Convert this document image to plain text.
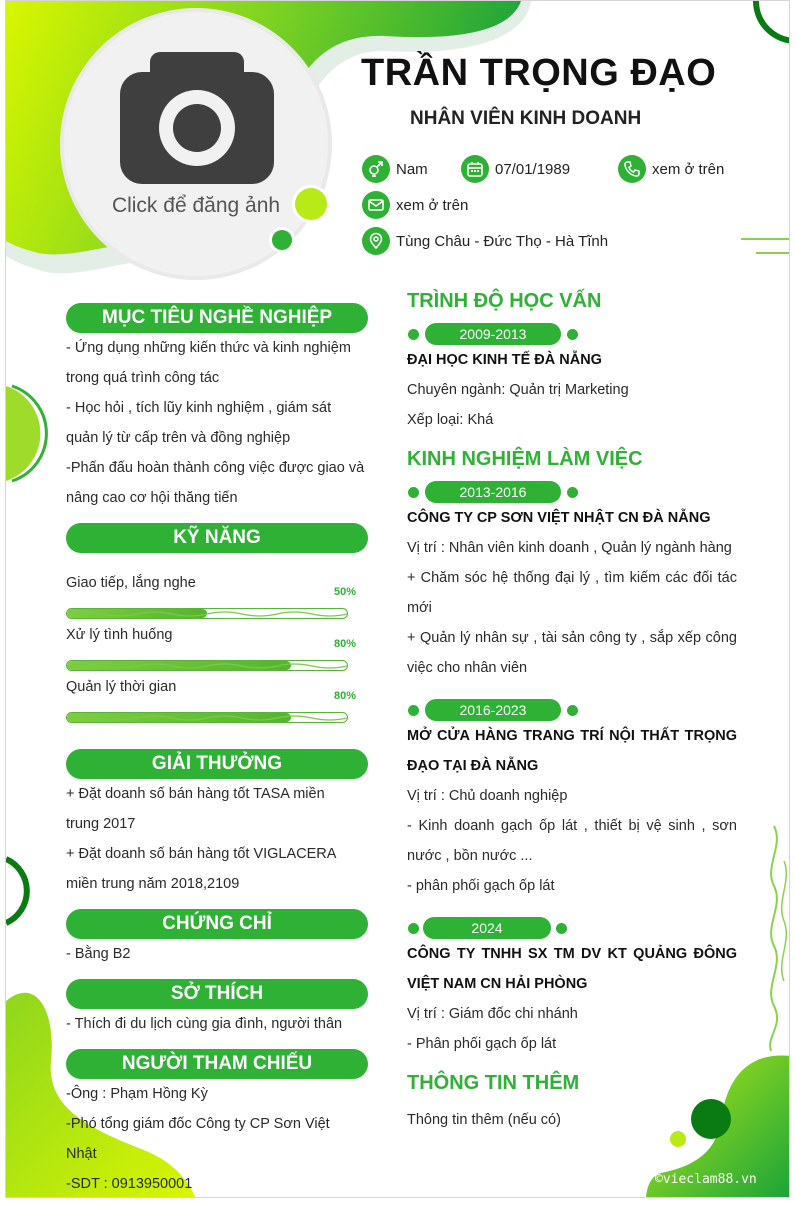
Click để đăng ảnh
TRẦN TRỌNG ĐẠO
NHÂN VIÊN KINH DOANH
Nam	07/01/1989	xem ở trên
xem ở trên
Tùng Châu - Đức Thọ - Hà Tĩnh
MỤC TIÊU NGHỀ NGHIỆP
- Ứng dụng những kiến thức và kinh nghiệm
trong quá trình công tác
- Học hỏi , tích lũy kinh nghiệm , giám sát
quản lý từ cấp trên và đồng nghiệp
-Phấn đấu hoàn thành công việc được giao và
nâng cao cơ hội thăng tiến
KỸ NĂNG
Giao tiếp, lắng nghe
50%
Xử lý tình huống
80%
Quản lý thời gian
80%
GIẢI THƯỞNG
+ Đặt doanh số bán hàng tốt TASA miền
trung 2017
+ Đặt doanh số bán hàng tốt VIGLACERA
miền trung năm 2018,2109
CHỨNG CHỈ
- Bằng B2
SỞ THÍCH
- Thích đi du lịch cùng gia đình, người thân
NGƯỜI THAM CHIẾU
-Ông : Phạm Hồng Kỳ
-Phó tổng giám đốc Công ty CP Sơn Việt
Nhật
-SDT : 0913950001
TRÌNH ĐỘ HỌC VẤN
2009-2013
ĐẠI HỌC KINH TẾ ĐÀ NẴNG
Chuyên ngành: Quản trị Marketing
Xếp loại: Khá
KINH NGHIỆM LÀM VIỆC
2013-2016
CÔNG TY CP SƠN VIỆT NHẬT CN ĐÀ NẴNG
Vị trí : Nhân viên kinh doanh , Quản lý ngành hàng
+ Chăm sóc hệ thống đại lý , tìm kiếm các đối tác
mới
+ Quản lý nhân sự , tài sản công ty , sắp xếp công
việc cho nhân viên
2016-2023
MỞ CỬA HÀNG TRANG TRÍ NỘI THẤT TRỌNG
ĐẠO TẠI ĐÀ NẴNG
Vị trí : Chủ doanh nghiệp
- Kinh doanh gạch ốp lát , thiết bị vệ sinh , sơn
nước , bồn nước ...
- phân phối gạch ốp lát
2024
CÔNG TY TNHH SX TM DV KT QUẢNG ĐÔNG
VIỆT NAM CN HẢI PHÒNG
Vị trí : Giám đốc chi nhánh
- Phân phối gạch ốp lát
THÔNG TIN THÊM
Thông tin thêm (nếu có)
©vieclam88.vn
